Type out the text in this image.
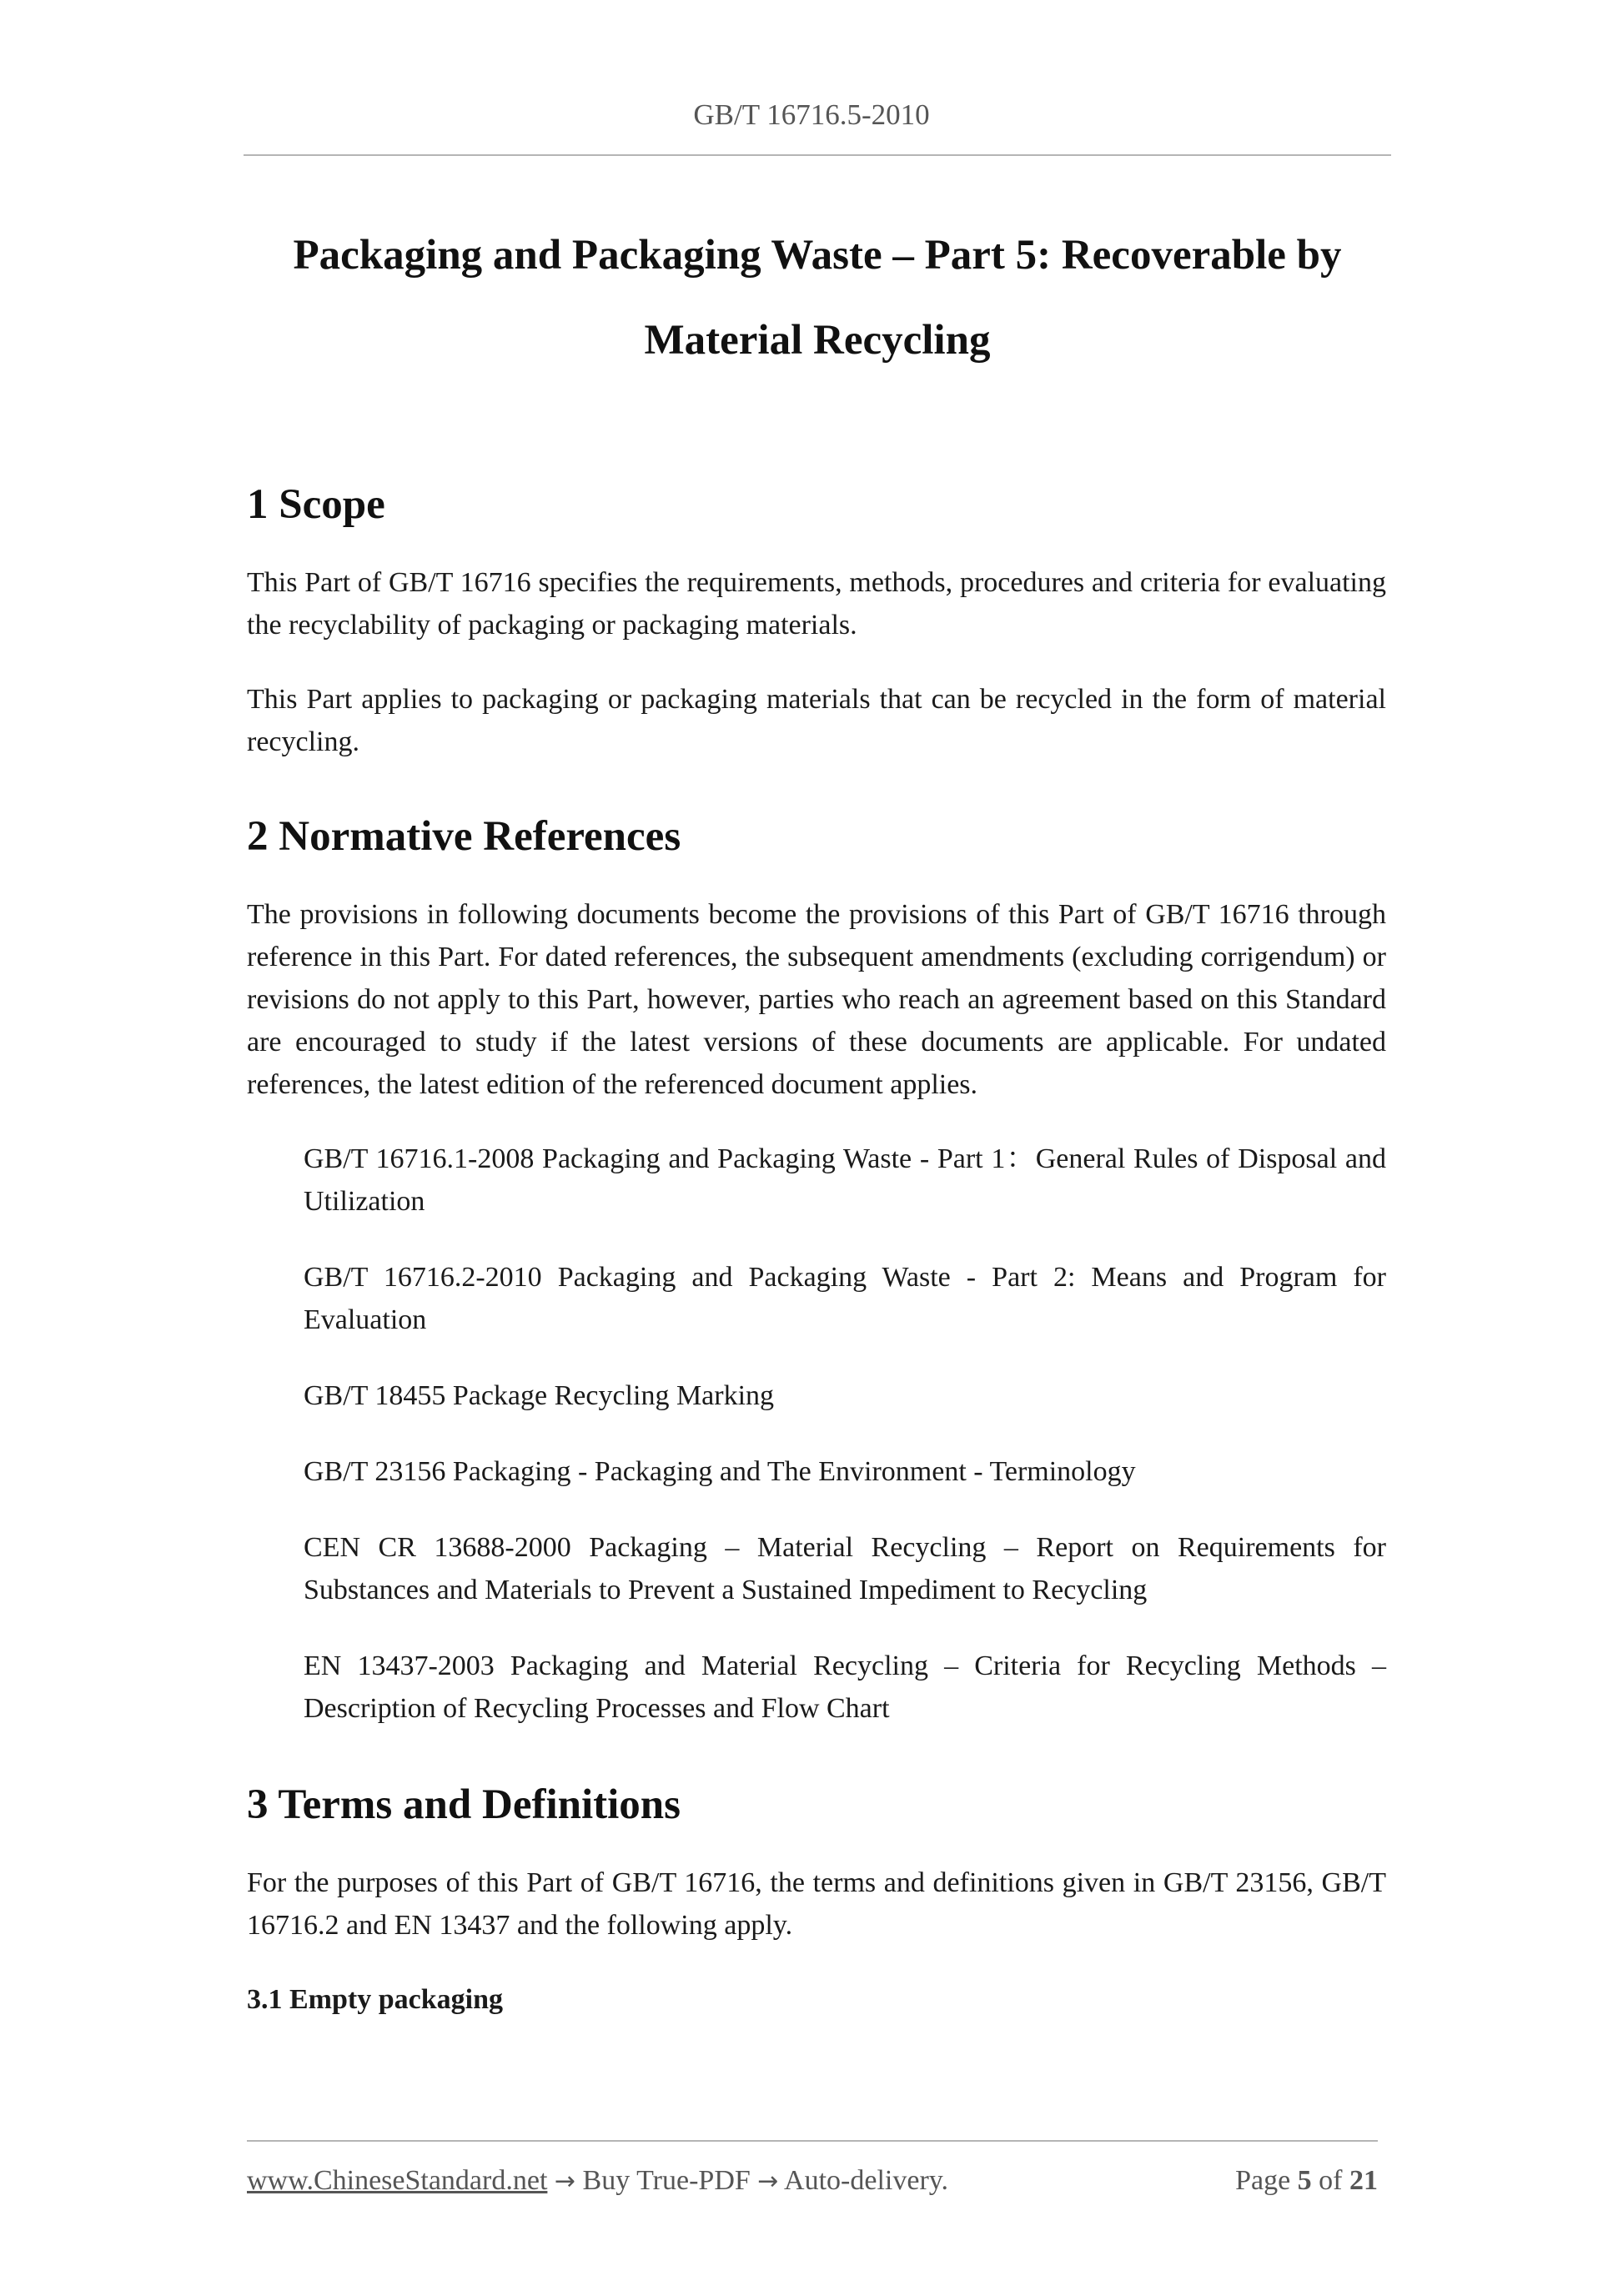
GB/T 16716.5-2010
Packaging and Packaging Waste – Part 5: Recoverable by Material Recycling
1 Scope

This Part of GB/T 16716 specifies the requirements, methods, procedures and criteria for evaluating the recyclability of packaging or packaging materials.

This Part applies to packaging or packaging materials that can be recycled in the form of material recycling.

2 Normative References

The provisions in following documents become the provisions of this Part of GB/T 16716 through reference in this Part. For dated references, the subsequent amendments (excluding corrigendum) or revisions do not apply to this Part, however, parties who reach an agreement based on this Standard are encouraged to study if the latest versions of these documents are applicable. For undated references, the latest edition of the referenced document applies.

GB/T 16716.1-2008 Packaging and Packaging Waste - Part 1：General Rules of Disposal and Utilization
GB/T 16716.2-2010 Packaging and Packaging Waste - Part 2: Means and Program for Evaluation
GB/T 18455 Package Recycling Marking
GB/T 23156 Packaging - Packaging and The Environment - Terminology
CEN CR 13688-2000 Packaging – Material Recycling – Report on Requirements for Substances and Materials to Prevent a Sustained Impediment to Recycling
EN 13437-2003 Packaging and Material Recycling – Criteria for Recycling Methods – Description of Recycling Processes and Flow Chart
3 Terms and Definitions

For the purposes of this Part of GB/T 16716, the terms and definitions given in GB/T 23156, GB/T 16716.2 and EN 13437 and the following apply.

3.1 Empty packaging
www.ChineseStandard.net → Buy True-PDF → Auto-delivery.	Page 5 of 21
